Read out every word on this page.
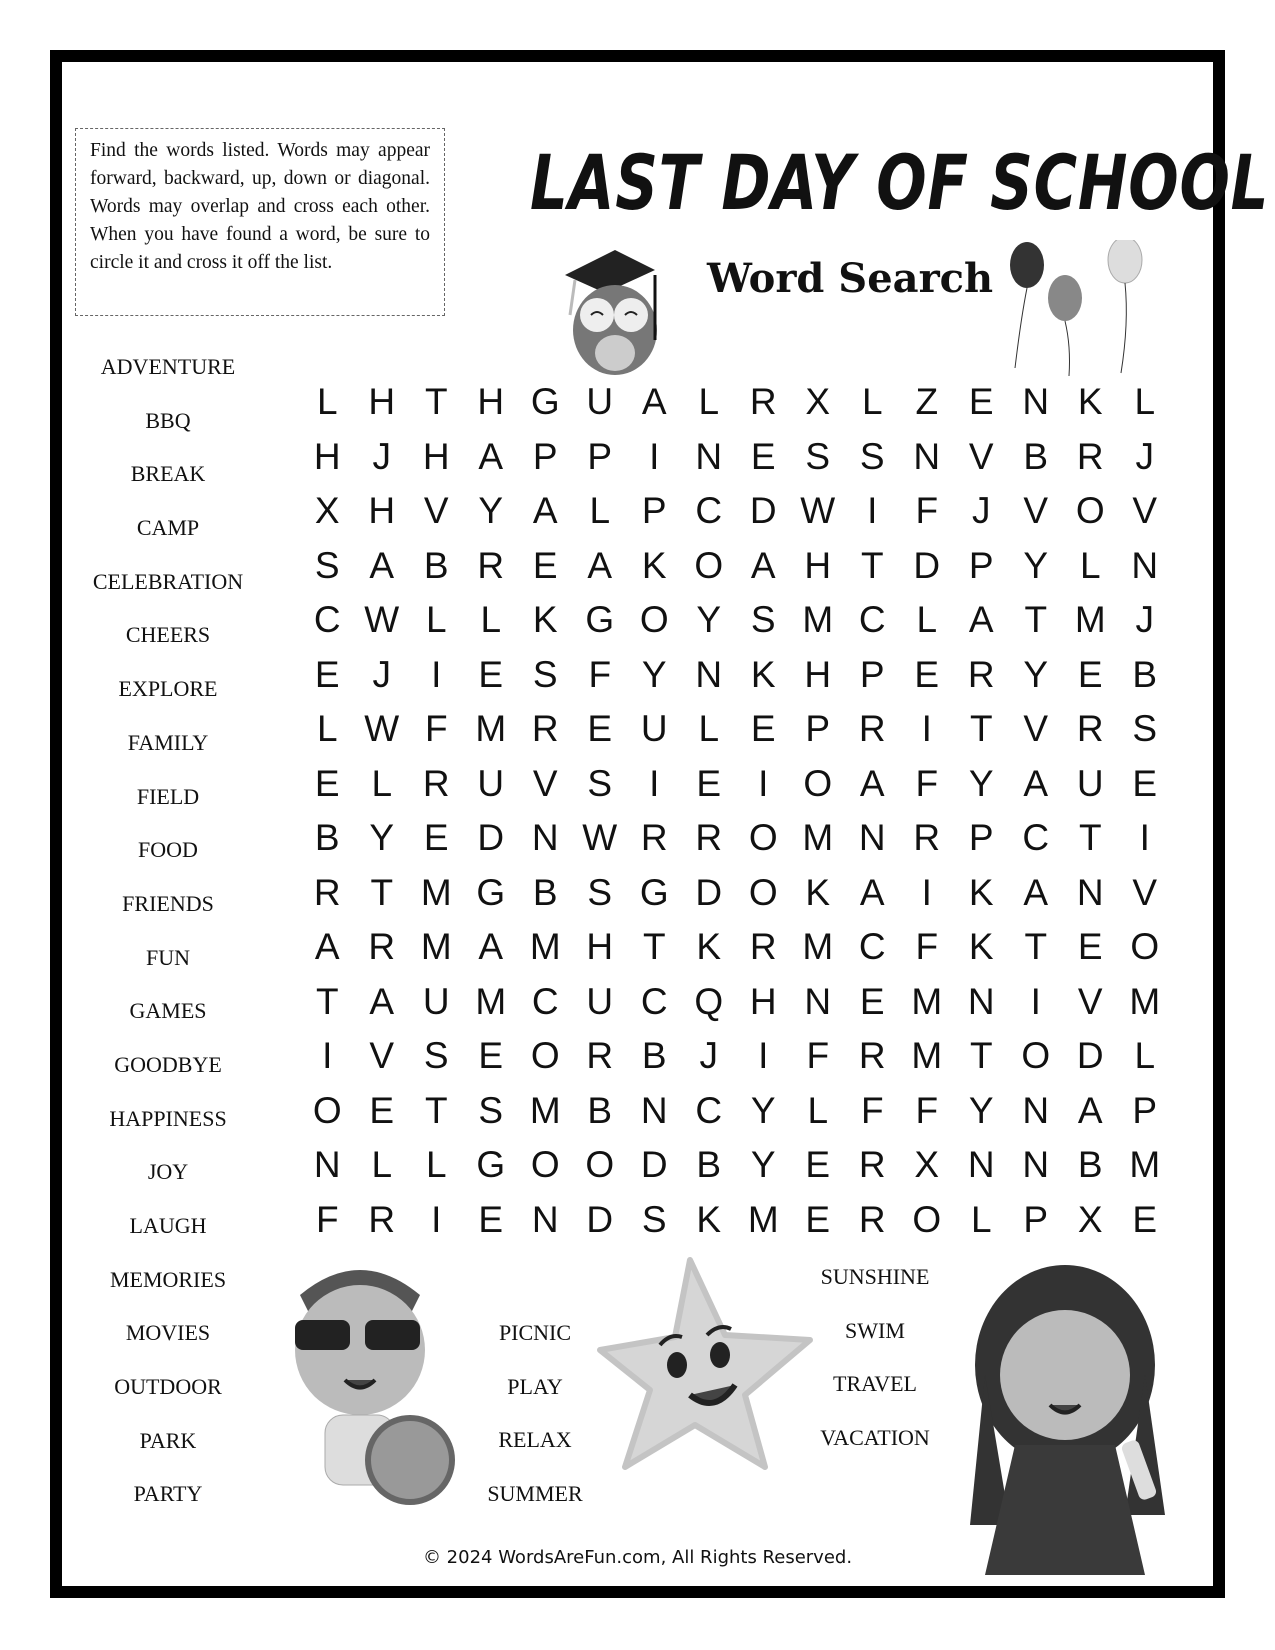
Find the words listed. Words may appear forward, backward, up, down or diagonal. Words may overlap and cross each other. When you have found a word, be sure to circle it and cross it off the list.
LAST DAY OF SCHOOL
Word Search
ADVENTURE
BBQ
BREAK
CAMP
CELEBRATION
CHEERS
EXPLORE
FAMILY
FIELD
FOOD
FRIENDS
FUN
GAMES
GOODBYE
HAPPINESS
JOY
LAUGH
MEMORIES
MOVIES
OUTDOOR
PARK
PARTY
L H T H G U A L R X L Z E N K L
H J H A P P	I N E S S N V B R J
X H V Y A L P C D W I	F J V O V
S A B R E A K O A H T D P Y L N
C W L L K G O Y S M C L A T M J
E J	I	E S F Y N K H P E R Y E B
L W F M R E U L E P R I	T V R S
E L R U V S	I	E	I O A F Y A U E
B Y E D N W R R O M N R P C T	I
R T M G B S G D O K A	I	K A N V
A R M A M H T K R M C F K T E O
T A U M C U C Q H N E M N I	V M
I	V S E O R B J	I	F R M T O D L
O E T S M B N C Y L F F Y N A P
N L L G O O D B Y E R X N N B M
F R I	E N D S K M E R O L P X E
PICNIC
PLAY
RELAX
SUMMER
SUNSHINE
SWIM
TRAVEL
VACATION
© 2024 WordsAreFun.com, All Rights Reserved.
